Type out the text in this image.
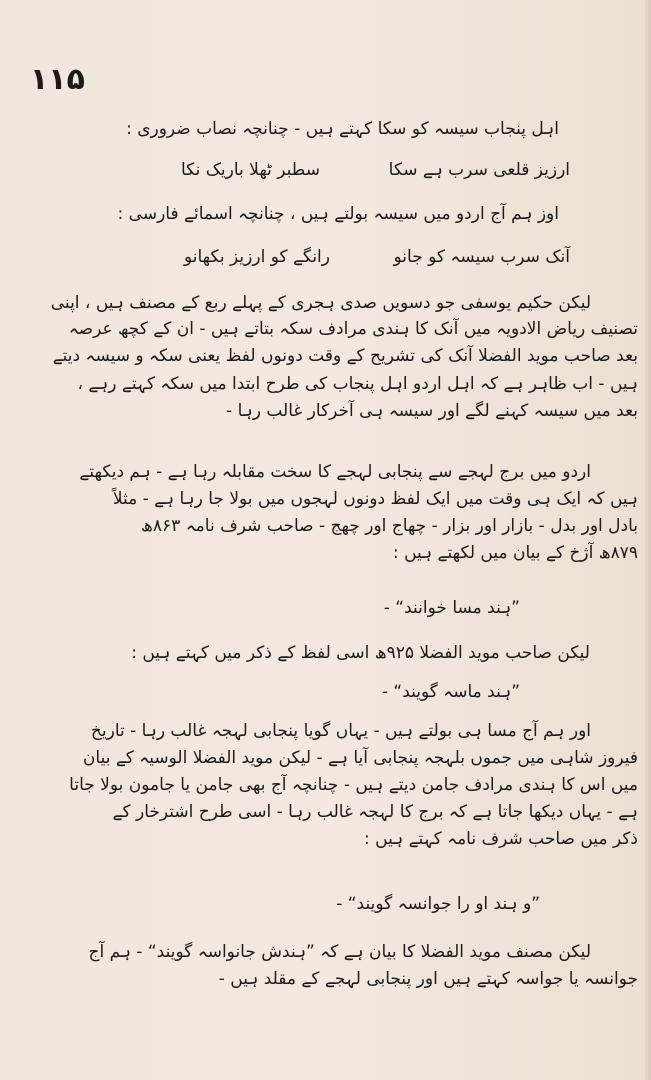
۱۱۵
اہل پنجاب سیسہ کو سکا کہتے ہیں - چنانچہ نصاب ضروری :
ارزیز قلعی سرب ہے سکا
سطبر ٹھلا باریک نکا
اوز ہم آج اردو میں سیسہ بولتے ہیں ، چنانچہ اسمائے فارسی :
آنک سرب سیسہ کو جانو
رانگے کو ارزیز بکھانو
لیکن حکیم یوسفی جو دسویں صدی ہجری کے پہلے ربع کے مصنف ہیں ، اپنی
تصنیف ریاض الادویہ میں آنک کا ہندی مرادف سکہ بتاتے ہیں - ان کے کچھ عرصہ
بعد صاحب موید الفضلا آنک کی تشریح کے وقت دونوں لفظ یعنی سکہ و سیسہ دیتے
ہیں - اب ظاہر ہے کہ اہل اردو اہل پنجاب کی طرح ابتدا میں سکہ کہتے رہے ،
بعد میں سیسہ کہنے لگے اور سیسہ ہی آخرکار غالب رہا -
اردو میں برج لہجے سے پنجابی لہجے کا سخت مقابلہ رہا ہے - ہم دیکھتے
ہیں کہ ایک ہی وقت میں ایک لفظ دونوں لہجوں میں بولا جا رہا ہے - مثلاً
بادل اور بدل - بازار اور بزار - چھاج اور چھج - صاحب شرف نامہ ۸۶۳ھ
۸۷۹ھ آژخ کے بیان میں لکھتے ہیں :
”ہند مسا خوانند“ -
لیکن صاحب موید الفضلا ۹۲۵ھ اسی لفظ کے ذکر میں کہتے ہیں :
”ہند ماسہ گویند“ -
اور ہم آج مسا ہی بولتے ہیں - یہاں گویا پنجابی لہجہ غالب رہا - تاریخ
فیروز شاہی میں جموں بلہجہ پنجابی آیا ہے - لیکن موید الفضلا الوسیہ کے بیان
میں اس کا ہندی مرادف جامن دیتے ہیں - چنانچہ آج بھی جامن یا جامون بولا جاتا
ہے - یہاں دیکھا جاتا ہے کہ برج کا لہجہ غالب رہا - اسی طرح اشترخار کے
ذکر میں صاحب شرف نامہ کہتے ہیں :
”و ہند او را جوانسہ گویند“ -
لیکن مصنف موید الفضلا کا بیان ہے کہ ”ہندش جانواسہ گویند“ - ہم آج
جوانسہ یا جواسہ کہتے ہیں اور پنجابی لہجے کے مقلد ہیں -
